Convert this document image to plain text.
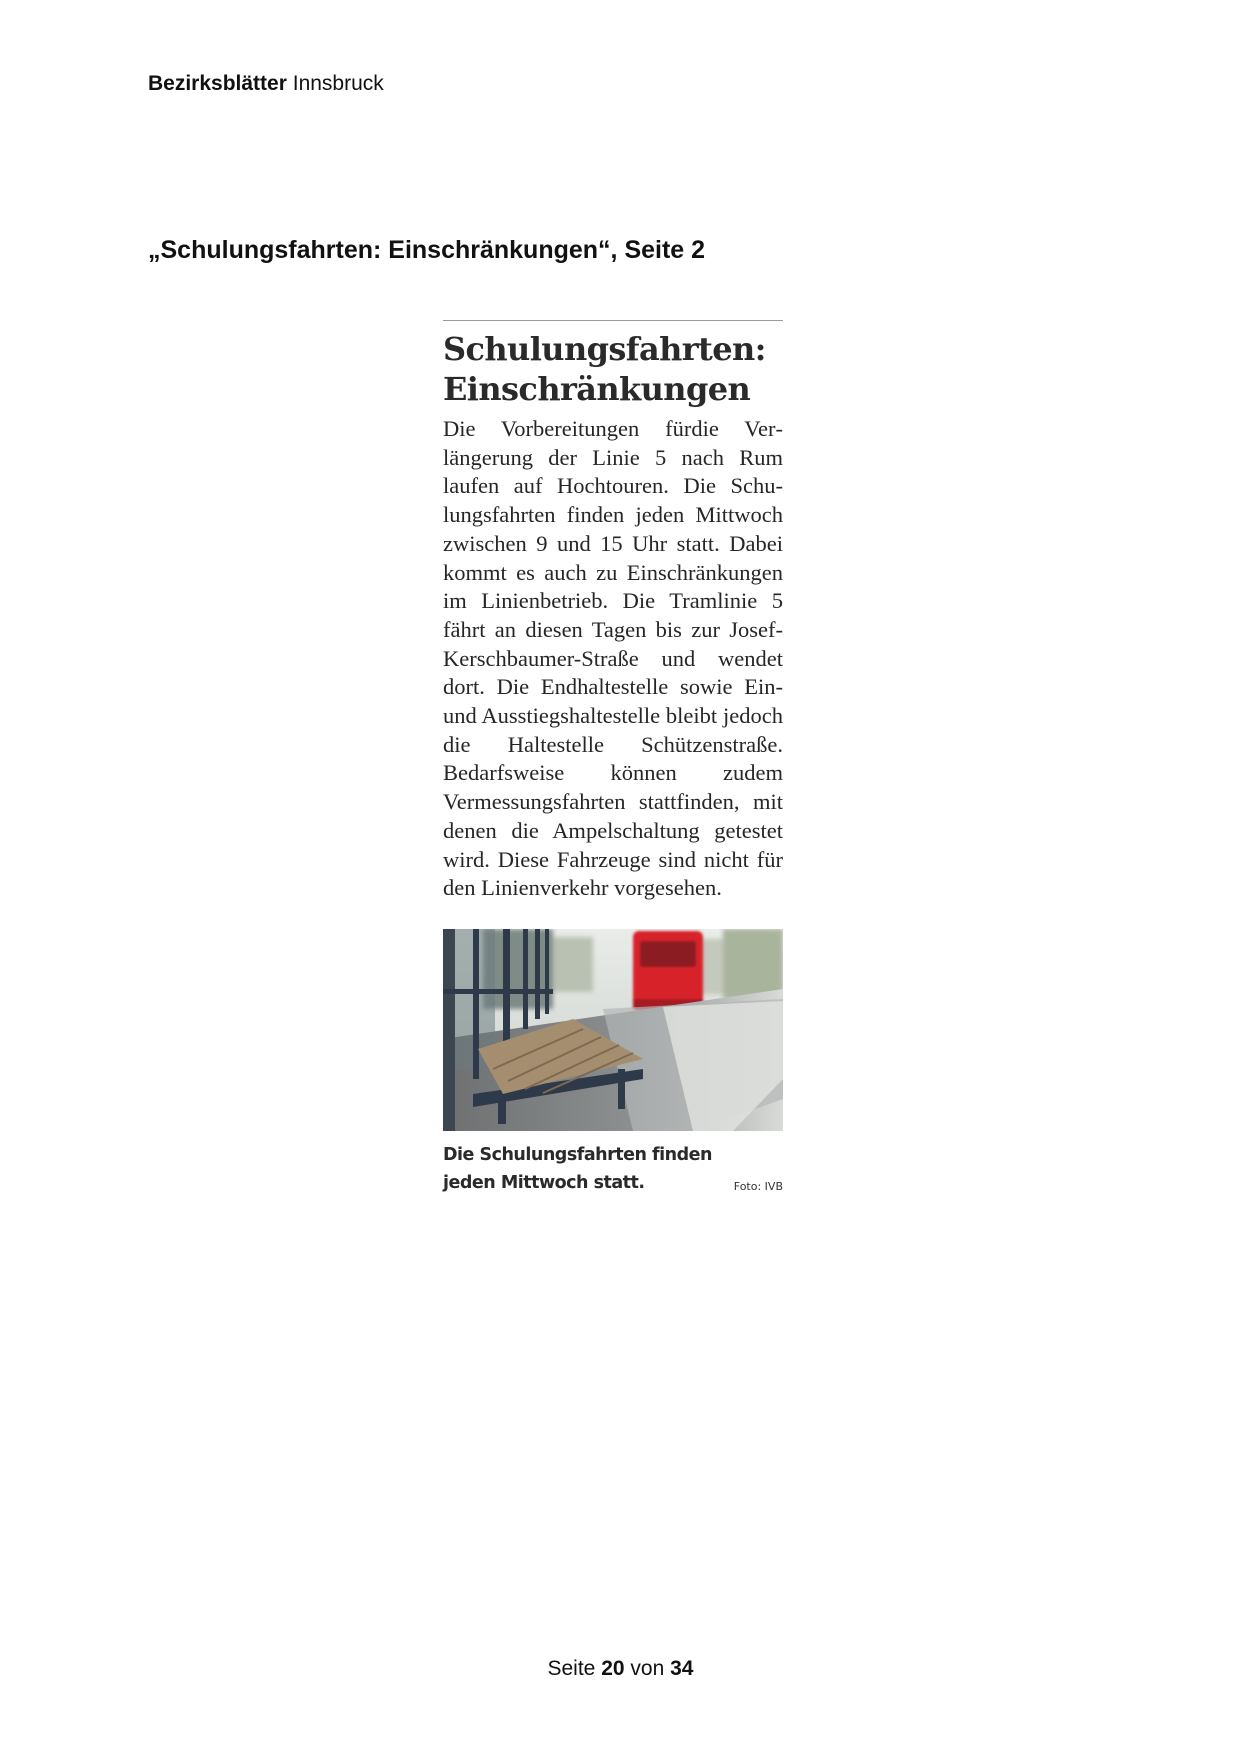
Bezirksblätter Innsbruck
„Schulungsfahrten: Einschränkungen“, Seite 2
Schulungsfahrten:
Einschränkungen

Die Vorbereitungen fürdie Verlängerung der Linie 5 nach Rum laufen auf Hochtouren. Die Schulungsfahrten finden jeden Mittwoch zwischen 9 und 15 Uhr statt. Dabei kommt es auch zu Einschränkungen im Linienbetrieb. Die Tramlinie 5 fährt an diesen Tagen bis zur Josef-Kerschbaumer-Straße und wendet dort. Die Endhaltestelle sowie Ein- und Ausstiegshaltestelle bleibt jedoch die Haltestelle Schützenstraße. Bedarfsweise können zudem Vermessungsfahrten stattfinden, mit denen die Ampelschaltung getestet wird. Diese Fahrzeuge sind nicht für den Linienverkehr vorgesehen.

Die Schulungsfahrten finden jeden Mittwoch statt.	Foto: IVB
Seite 20 von 34
